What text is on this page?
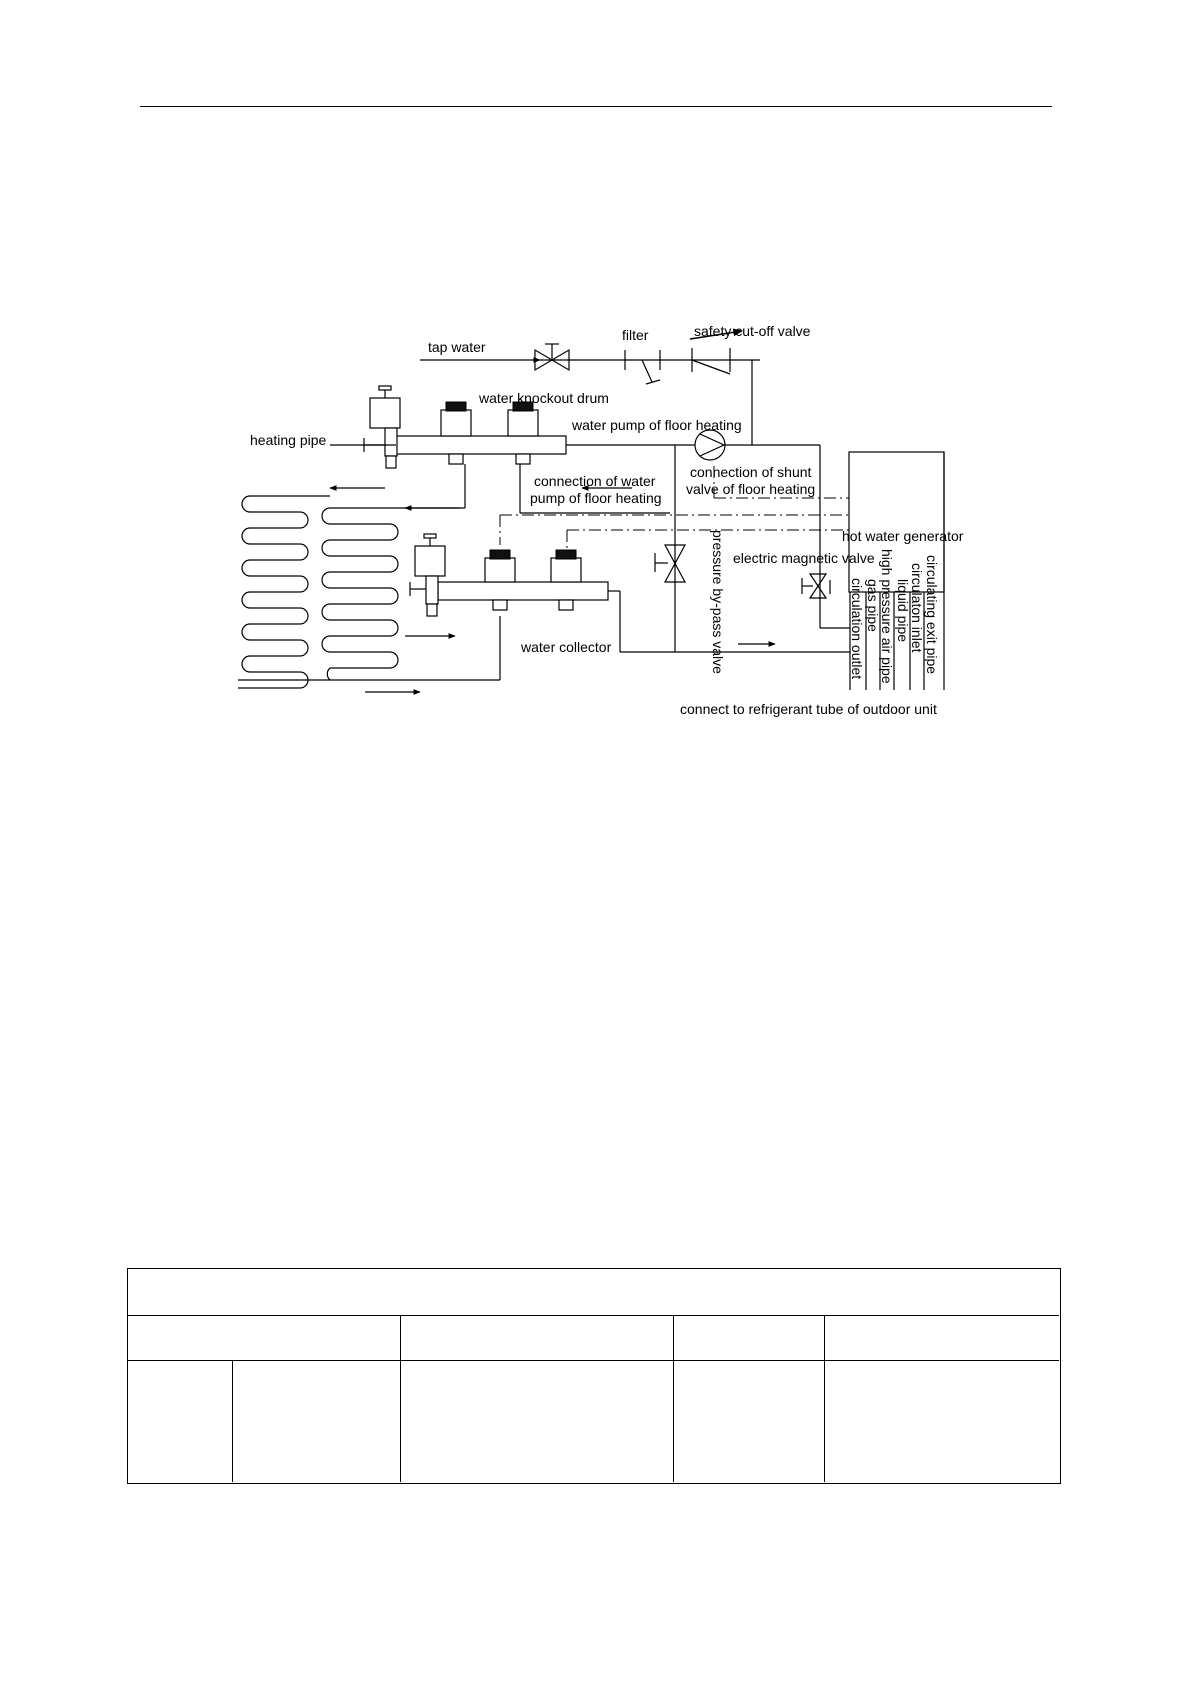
tap water
filter	safety cut-off valve
water knockout drum
water pump of floor heating
heating pipe
connection of water
pump of floor heating
connection of shunt
valve of floor heating
hot water generator
electric magnetic valve
water collector
connect to refrigerant tube of outdoor unit
pressure by-pass valve	circulation outlet gas pipe
high pressure air pipe liquid pipe
circulaton inlet circulating exit pipe
